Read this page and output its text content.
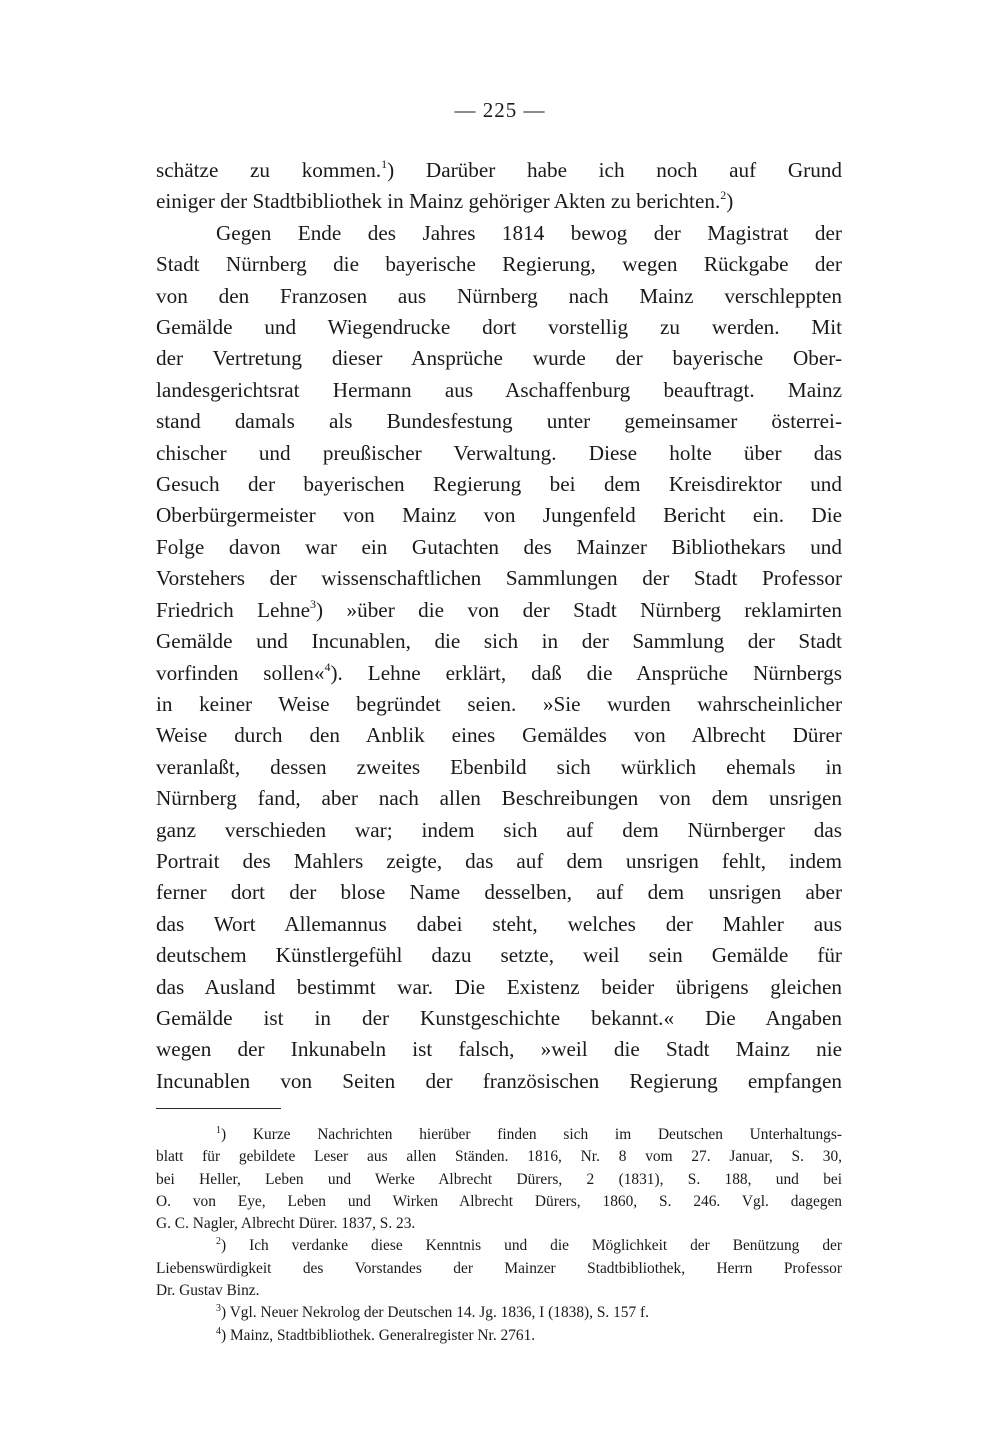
— 225 —
schätze zu kommen.$^1$) Darüber habe ich noch auf Grund
einiger der Stadtbibliothek in Mainz gehöriger Akten zu berichten.$^2$)
Gegen Ende des Jahres 1814 bewog der Magistrat der
Stadt Nürnberg die bayerische Regierung, wegen Rückgabe der
von den Franzosen aus Nürnberg nach Mainz verschleppten
Gemälde und Wiegendrucke dort vorstellig zu werden. Mit
der Vertretung dieser Ansprüche wurde der bayerische Ober-
landesgerichtsrat Hermann aus Aschaffenburg beauftragt. Mainz
stand damals als Bundesfestung unter gemeinsamer österrei-
chischer und preußischer Verwaltung. Diese holte über das
Gesuch der bayerischen Regierung bei dem Kreisdirektor und
Oberbürgermeister von Mainz von Jungenfeld Bericht ein. Die
Folge davon war ein Gutachten des Mainzer Bibliothekars und
Vorstehers der wissenschaftlichen Sammlungen der Stadt Professor
Friedrich Lehne$^3$) »über die von der Stadt Nürnberg reklamirten
Gemälde und Incunablen, die sich in der Sammlung der Stadt
vorfinden sollen«$^4$). Lehne erklärt, daß die Ansprüche Nürnbergs
in keiner Weise begründet seien. »Sie wurden wahrscheinlicher
Weise durch den Anblik eines Gemäldes von Albrecht Dürer
veranlaßt, dessen zweites Ebenbild sich würklich ehemals in
Nürnberg fand, aber nach allen Beschreibungen von dem unsrigen
ganz verschieden war; indem sich auf dem Nürnberger das
Portrait des Mahlers zeigte, das auf dem unsrigen fehlt, indem
ferner dort der blose Name desselben, auf dem unsrigen aber
das Wort Allemannus dabei steht, welches der Mahler aus
deutschem Künstlergefühl dazu setzte, weil sein Gemälde für
das Ausland bestimmt war. Die Existenz beider übrigens gleichen
Gemälde ist in der Kunstgeschichte bekannt.« Die Angaben
wegen der Inkunabeln ist falsch, »weil die Stadt Mainz nie
Incunablen von Seiten der französischen Regierung empfangen
$^1$) Kurze Nachrichten hierüber finden sich im Deutschen Unterhaltungs-
blatt für gebildete Leser aus allen Ständen. 1816, Nr. 8 vom 27. Januar, S. 30,
bei Heller, Leben und Werke Albrecht Dürers, 2 (1831), S. 188, und bei
O. von Eye, Leben und Wirken Albrecht Dürers, 1860, S. 246. Vgl. dagegen
G. C. Nagler, Albrecht Dürer. 1837, S. 23.
$^2$) Ich verdanke diese Kenntnis und die Möglichkeit der Benützung der
Liebenswürdigkeit des Vorstandes der Mainzer Stadtbibliothek, Herrn Professor
Dr. Gustav Binz.
$^3$) Vgl. Neuer Nekrolog der Deutschen 14. Jg. 1836, I (1838), S. 157 f.
$^4$) Mainz, Stadtbibliothek. Generalregister Nr. 2761.
